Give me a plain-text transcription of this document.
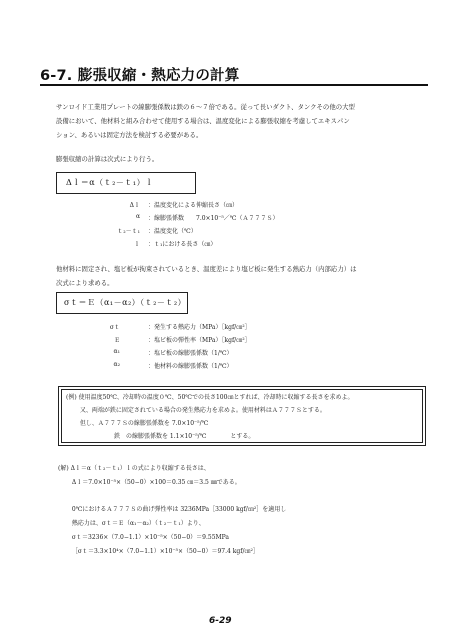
6-7. 膨張収縮・熱応力の計算
サンロイド工業用プレートの線膨張係数は鉄の６～７倍である。従って長いダクト、タンクその他の大型
設備において、他材料と組み合わせて使用する場合は、温度変化による膨張収縮を考慮してエキスパン
ション、あるいは固定方法を検討する必要がある。
膨張収縮の計算は次式により行う。
Δｌ＝α（ｔ₂－ｔ₁）ｌ
Δｌ ：温度変化による伸縮長さ（㎝）
α ：線膨張係数　　7.0×10⁻⁵／℃（Ａ７７７Ｓ）
ｔ₂－ｔ₁ ：温度変化（℃）
ｌ ：ｔ₁における長さ（㎝）
他材料に固定され、塩ビ板が拘束されているとき、温度差により塩ビ板に発生する熱応力（内部応力）は
次式により求める。
σｔ＝Ｅ（α₁－α₂）（ｔ₂－ｔ₂）
σｔ	：発生する熱応力（MPa）［kgf/㎝²］
Ｅ	：塩ビ板の弾性率（MPa）［kgf/㎝²］
α₁	：塩ビ板の線膨張係数（1/℃）
α₂	：他材料の線膨張係数（1/℃）
(例) 使用温度50℃、冷却時の温度０℃、50℃での長さ100㎝とすれば、冷却時に収縮する長さを求めよ。
　　 又、両端が鉄に固定されている場合の発生熱応力を求めよ。使用材料はＡ７７７Ｓとする。
　　 但し、Ａ７７７Ｓの線膨張係数を 7.0×10⁻⁵/℃
　　　　　　　　鉄　の線膨張係数を 1.1×10⁻⁵/℃　　　　とする。
(解) Δｌ＝α（ｔ₂－ｔ₁）ｌの式により収縮する長さは、
　　 Δｌ＝7.0×10⁻⁵×（50−0）×100＝0.35 ㎝＝3.5 ㎜である。
　　 0℃におけるＡ７７７Ｓの曲げ弾性率は 3236MPa［33000 kgf/㎝²］を適用し
　　 熱応力は、σｔ＝Ｅ（α₁－α₂）（ｔ₂－ｔ₁）より、
　　 σｔ＝3236×（7.0−1.1）×10⁻⁵×（50−0）＝9.55MPa
　　 ［σｔ＝3.3×10⁴×（7.0−1.1）×10⁻⁵×（50−0）＝97.4 kgf/㎝²］
6-29
